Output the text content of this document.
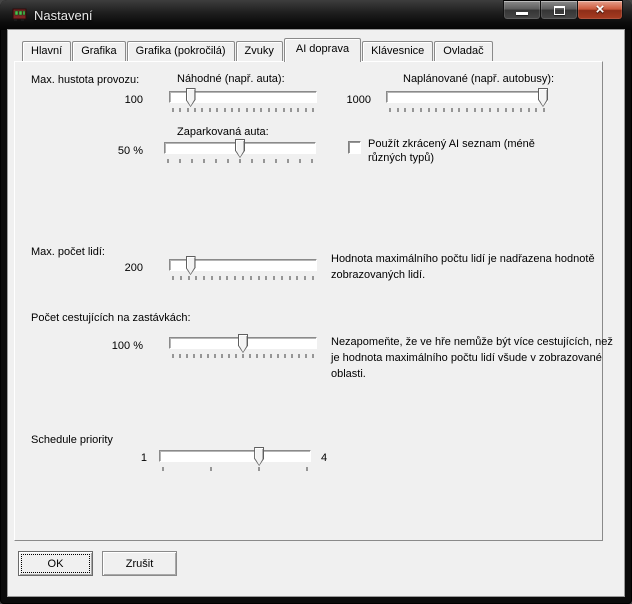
Nastavení	×
Hlavní	Grafika	Grafika (pokročilá)	Zvuky	AI doprava	Klávesnice	Ovladač
Max. hustota provozu:	Náhodné (např. auta):
100
Naplánované (např. autobusy):
1000
Zaparkovaná auta:
50 %
Použít zkrácený AI seznam (méně různých typů)
Max. počet lidí:
200
Hodnota maximálního počtu lidí je nadřazena hodnotě zobrazovaných lidí.
Počet cestujících na zastávkách:
100 %	Nezapomeňte, že ve hře nemůže být více cestujících, než je hodnota maximálního počtu lidí všude v zobrazované oblasti.
Schedule priority
1	4
OK	Zrušit
